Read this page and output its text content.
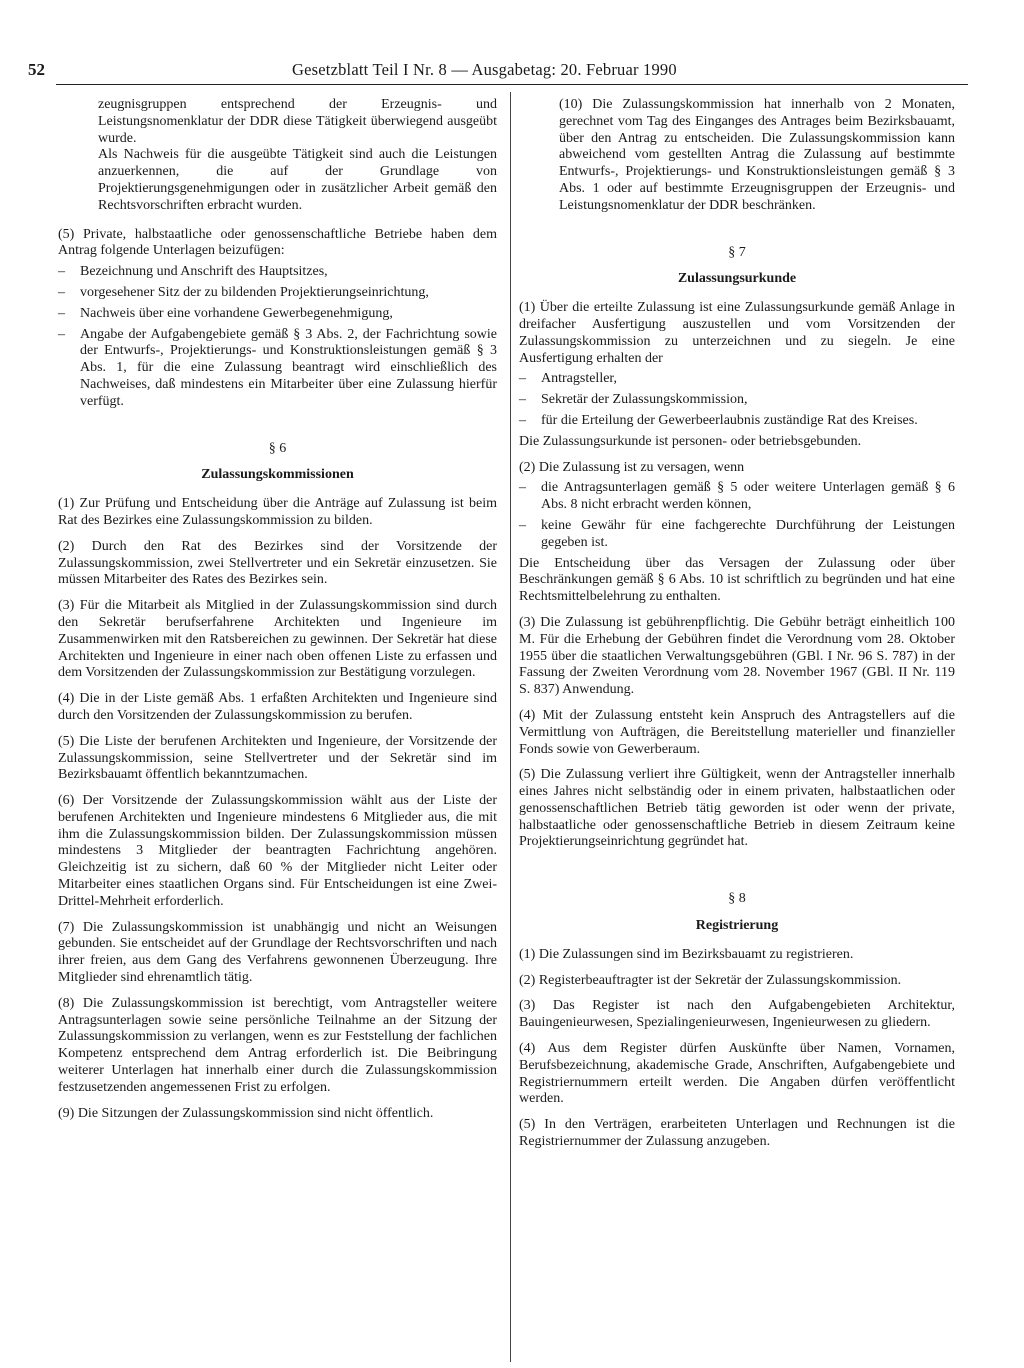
52	Gesetzblatt Teil I Nr. 8 — Ausgabetag: 20. Februar 1990

zeugnisgruppen entsprechend der Erzeugnis- und Leistungsnomenklatur der DDR diese Tätigkeit überwiegend ausgeübt wurde.

Als Nachweis für die ausgeübte Tätigkeit sind auch die Leistungen anzuerkennen, die auf der Grundlage von Projektierungsgenehmigungen oder in zusätzlicher Arbeit gemäß den Rechtsvorschriften erbracht wurden.

(5) Private, halbstaatliche oder genossenschaftliche Betriebe haben dem Antrag folgende Unterlagen beizufügen:

– Bezeichnung und Anschrift des Hauptsitzes,

– vorgesehener Sitz der zu bildenden Projektierungseinrichtung,

– Nachweis über eine vorhandene Gewerbegenehmigung,

– Angabe der Aufgabengebiete gemäß § 3 Abs. 2, der Fachrichtung sowie der Entwurfs-, Projektierungs- und Konstruktionsleistungen gemäß § 3 Abs. 1, für die eine Zulassung beantragt wird einschließlich des Nachweises, daß mindestens ein Mitarbeiter über eine Zulassung hierfür verfügt.

§ 6

Zulassungskommissionen

(1) Zur Prüfung und Entscheidung über die Anträge auf Zulassung ist beim Rat des Bezirkes eine Zulassungskommission zu bilden.

(2) Durch den Rat des Bezirkes sind der Vorsitzende der Zulassungskommission, zwei Stellvertreter und ein Sekretär einzusetzen. Sie müssen Mitarbeiter des Rates des Bezirkes sein.

(3) Für die Mitarbeit als Mitglied in der Zulassungskommission sind durch den Sekretär berufserfahrene Architekten und Ingenieure im Zusammenwirken mit den Ratsbereichen zu gewinnen. Der Sekretär hat diese Architekten und Ingenieure in einer nach oben offenen Liste zu erfassen und dem Vorsitzenden der Zulassungskommission zur Bestätigung vorzulegen.

(4) Die in der Liste gemäß Abs. 1 erfaßten Architekten und Ingenieure sind durch den Vorsitzenden der Zulassungskommission zu berufen.

(5) Die Liste der berufenen Architekten und Ingenieure, der Vorsitzende der Zulassungskommission, seine Stellvertreter und der Sekretär sind im Bezirksbauamt öffentlich bekanntzumachen.

(6) Der Vorsitzende der Zulassungskommission wählt aus der Liste der berufenen Architekten und Ingenieure mindestens 6 Mitglieder aus, die mit ihm die Zulassungskommission bilden. Der Zulassungskommission müssen mindestens 3 Mitglieder der beantragten Fachrichtung angehören. Gleichzeitig ist zu sichern, daß 60 % der Mitglieder nicht Leiter oder Mitarbeiter eines staatlichen Organs sind. Für Entscheidungen ist eine Zwei-Drittel-Mehrheit erforderlich.

(7) Die Zulassungskommission ist unabhängig und nicht an Weisungen gebunden. Sie entscheidet auf der Grundlage der Rechtsvorschriften und nach ihrer freien, aus dem Gang des Verfahrens gewonnenen Überzeugung. Ihre Mitglieder sind ehrenamtlich tätig.

(8) Die Zulassungskommission ist berechtigt, vom Antragsteller weitere Antragsunterlagen sowie seine persönliche Teilnahme an der Sitzung der Zulassungskommission zu verlangen, wenn es zur Feststellung der fachlichen Kompetenz entsprechend dem Antrag erforderlich ist. Die Beibringung weiterer Unterlagen hat innerhalb einer durch die Zulassungskommission festzusetzenden angemessenen Frist zu erfolgen.

(9) Die Sitzungen der Zulassungskommission sind nicht öffentlich.

(10) Die Zulassungskommission hat innerhalb von 2 Monaten, gerechnet vom Tag des Einganges des Antrages beim Bezirksbauamt, über den Antrag zu entscheiden. Die Zulassungskommission kann abweichend vom gestellten Antrag die Zulassung auf bestimmte Entwurfs-, Projektierungs- und Konstruktionsleistungen gemäß § 3 Abs. 1 oder auf bestimmte Erzeugnisgruppen der Erzeugnis- und Leistungsnomenklatur der DDR beschränken.

§ 7

Zulassungsurkunde

(1) Über die erteilte Zulassung ist eine Zulassungsurkunde gemäß Anlage in dreifacher Ausfertigung auszustellen und vom Vorsitzenden der Zulassungskommission zu unterzeichnen und zu siegeln. Je eine Ausfertigung erhalten der

– Antragsteller,

– Sekretär der Zulassungskommission,

– für die Erteilung der Gewerbeerlaubnis zuständige Rat des Kreises.

Die Zulassungsurkunde ist personen- oder betriebsgebunden.

(2) Die Zulassung ist zu versagen, wenn

– die Antragsunterlagen gemäß § 5 oder weitere Unterlagen gemäß § 6 Abs. 8 nicht erbracht werden können,

– keine Gewähr für eine fachgerechte Durchführung der Leistungen gegeben ist.

Die Entscheidung über das Versagen der Zulassung oder über Beschränkungen gemäß § 6 Abs. 10 ist schriftlich zu begründen und hat eine Rechtsmittelbelehrung zu enthalten.

(3) Die Zulassung ist gebührenpflichtig. Die Gebühr beträgt einheitlich 100 M. Für die Erhebung der Gebühren findet die Verordnung vom 28. Oktober 1955 über die staatlichen Verwaltungsgebühren (GBl. I Nr. 96 S. 787) in der Fassung der Zweiten Verordnung vom 28. November 1967 (GBl. II Nr. 119 S. 837) Anwendung.

(4) Mit der Zulassung entsteht kein Anspruch des Antragstellers auf die Vermittlung von Aufträgen, die Bereitstellung materieller und finanzieller Fonds sowie von Gewerberaum.

(5) Die Zulassung verliert ihre Gültigkeit, wenn der Antragsteller innerhalb eines Jahres nicht selbständig oder in einem privaten, halbstaatlichen oder genossenschaftlichen Betrieb tätig geworden ist oder wenn der private, halbstaatliche oder genossenschaftliche Betrieb in diesem Zeitraum keine Projektierungseinrichtung gegründet hat.

§ 8

Registrierung

(1) Die Zulassungen sind im Bezirksbauamt zu registrieren.

(2) Registerbeauftragter ist der Sekretär der Zulassungskommission.

(3) Das Register ist nach den Aufgabengebieten Architektur, Bauingenieurwesen, Spezialingenieurwesen, Ingenieurwesen zu gliedern.

(4) Aus dem Register dürfen Auskünfte über Namen, Vornamen, Berufsbezeichnung, akademische Grade, Anschriften, Aufgabengebiete und Registriernummern erteilt werden. Die Angaben dürfen veröffentlicht werden.

(5) In den Verträgen, erarbeiteten Unterlagen und Rechnungen ist die Registriernummer der Zulassung anzugeben.
